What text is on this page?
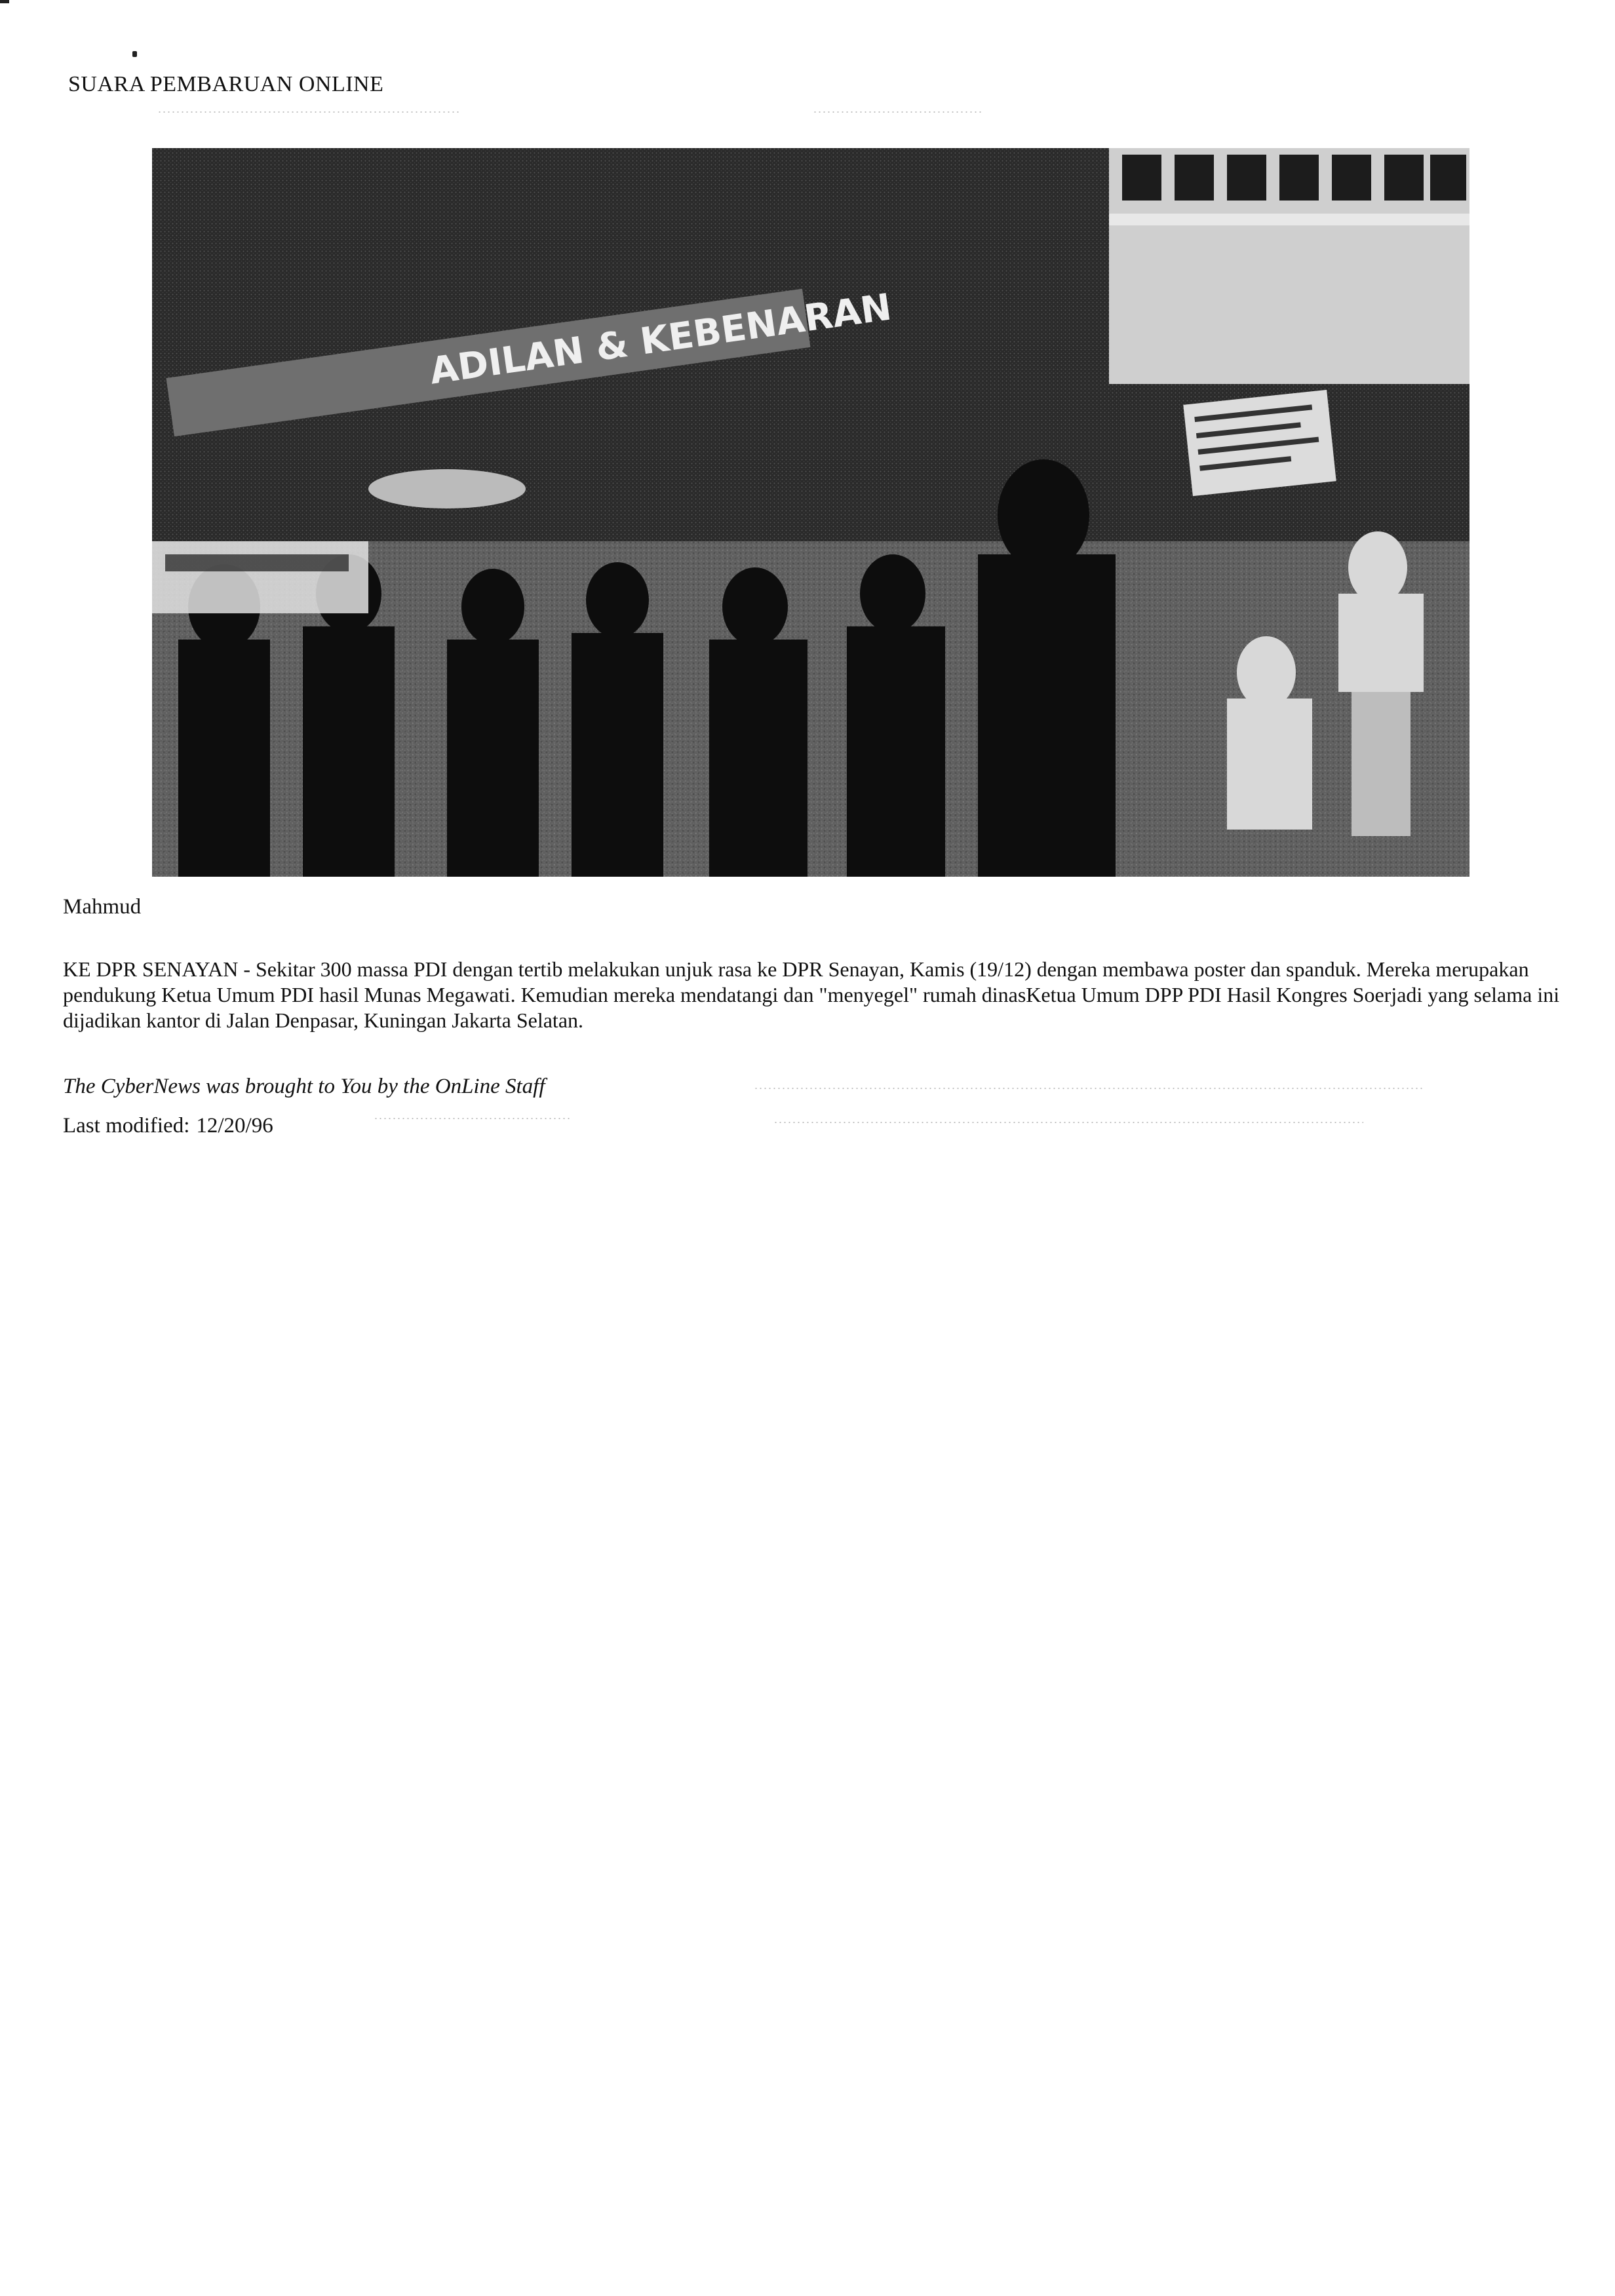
SUARA PEMBARUAN ONLINE
ADILAN & KEBENARAN
Mahmud
KE DPR SENAYAN - Sekitar 300 massa PDI dengan tertib melakukan unjuk rasa ke DPR Senayan, Kamis (19/12) dengan membawa poster dan spanduk. Mereka merupakan pendukung Ketua Umum PDI hasil Munas Megawati. Kemudian mereka mendatangi dan "menyegel" rumah dinasKetua Umum DPP PDI Hasil Kongres Soerjadi yang selama ini dijadikan kantor di Jalan Denpasar, Kuningan Jakarta Selatan.
The CyberNews was brought to You by the OnLine Staff
Last modified: 12/20/96
